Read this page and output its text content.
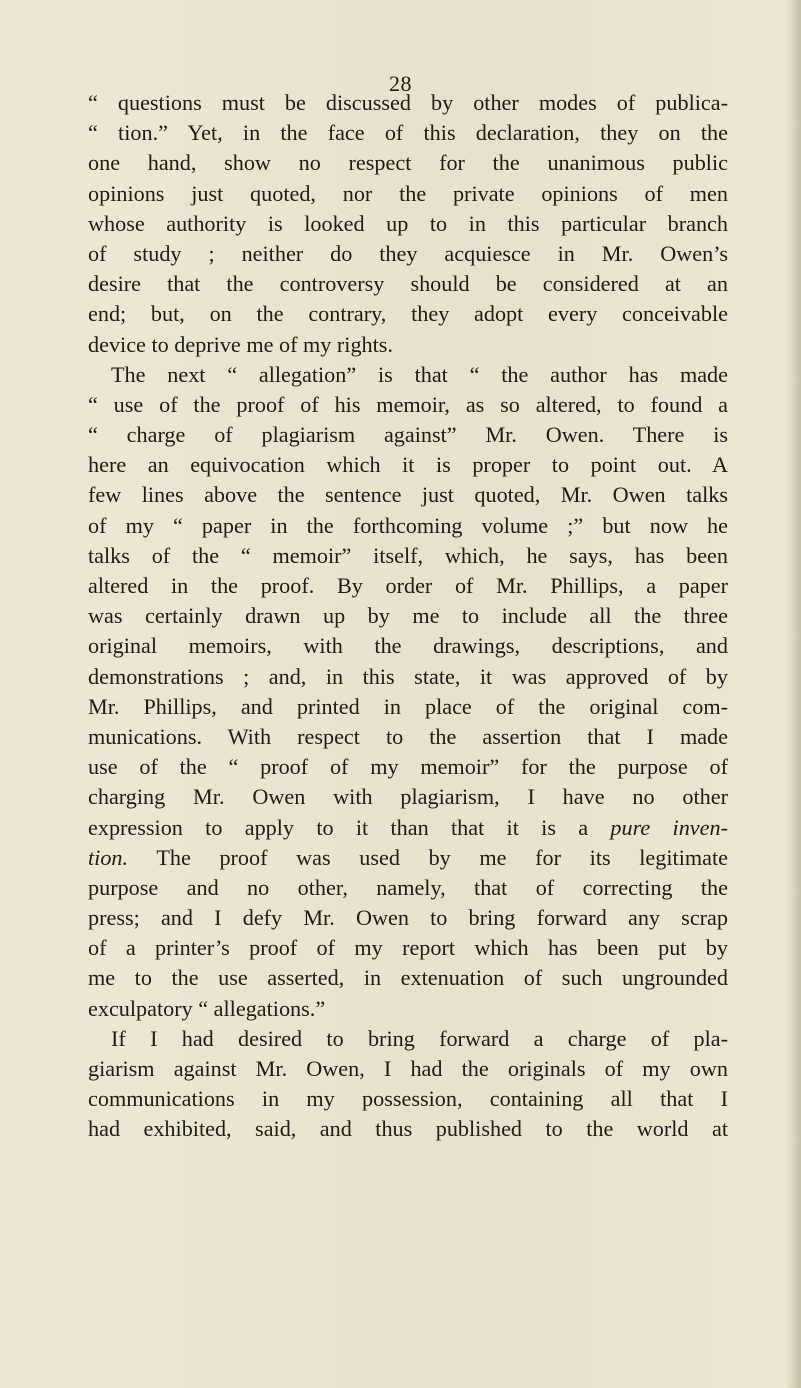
28
“ questions must be discussed by other modes of publica-
“ tion.” Yet, in the face of this declaration, they on the
one hand, show no respect for the unanimous public
opinions just quoted, nor the private opinions of men
whose authority is looked up to in this particular branch
of study ; neither do they acquiesce in Mr. Owen’s
desire that the controversy should be considered at an
end; but, on the contrary, they adopt every conceivable
device to deprive me of my rights.
The next “ allegation” is that “ the author has made
“ use of the proof of his memoir, as so altered, to found a
“ charge of plagiarism against” Mr. Owen. There is
here an equivocation which it is proper to point out. A
few lines above the sentence just quoted, Mr. Owen talks
of my “ paper in the forthcoming volume ;” but now he
talks of the “ memoir” itself, which, he says, has been
altered in the proof. By order of Mr. Phillips, a paper
was certainly drawn up by me to include all the three
original memoirs, with the drawings, descriptions, and
demonstrations ; and, in this state, it was approved of by
Mr. Phillips, and printed in place of the original com-
munications. With respect to the assertion that I made
use of the “ proof of my memoir” for the purpose of
charging Mr. Owen with plagiarism, I have no other
expression to apply to it than that it is a pure inven-
tion. The proof was used by me for its legitimate
purpose and no other, namely, that of correcting the
press; and I defy Mr. Owen to bring forward any scrap
of a printer’s proof of my report which has been put by
me to the use asserted, in extenuation of such ungrounded
exculpatory “ allegations.”
If I had desired to bring forward a charge of pla-
giarism against Mr. Owen, I had the originals of my own
communications in my possession, containing all that I
had exhibited, said, and thus published to the world at
